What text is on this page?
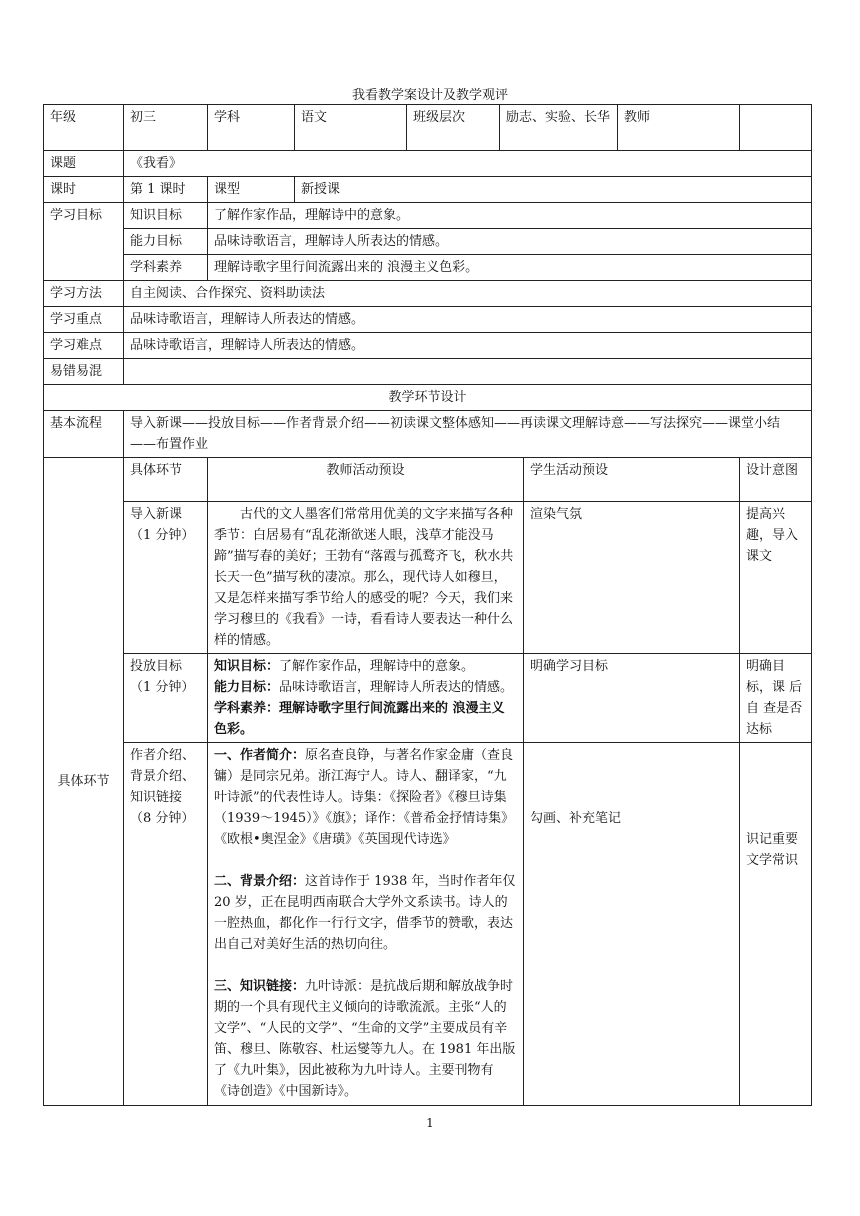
我看教学案设计及教学观评
年级	初三	学科	语文	班级层次	励志、实验、长华		教师	
课题	《我看》							
课时	第 1 课时	课型	新授课					
学习目标	知识目标	了解作家作品，理解诗中的意象。						
	能力目标	品味诗歌语言，理解诗人所表达的情感。						
	学科素养	理解诗歌字里行间流露出来的 浪漫主义色彩。						
学习方法	自主阅读、合作探究、资料助读法							
学习重点	品味诗歌语言，理解诗人所表达的情感。							
学习难点	品味诗歌语言，理解诗人所表达的情感。							
易错易混								
教学环节设计								
基本流程	导入新课——投放目标——作者背景介绍——初读课文整体感知——再读课文理解诗意——写法探究——课堂小结——布置作业							
具体环节	具体环节	教师活动预设				学生活动预设		设计意图
	导入新课（1 分钟）	古代的文人墨客们常常用优美的文字来描写各种季节：白居易有“乱花渐欲迷人眼，浅草才能没马蹄”描写春的美好；王勃有“落霞与孤鹜齐飞，秋水共长天一色”描写秋的凄凉。那么，现代诗人如穆旦，又是怎样来描写季节给人的感受的呢？今天，我们来学习穆旦的《我看》一诗，看看诗人要表达一种什么样的情感。				渲染气氛		提高兴趣，导入课文
	投放目标（1 分钟）	知识目标：了解作家作品，理解诗中的意象。
能力目标：品味诗歌语言，理解诗人所表达的情感。
学科素养：理解诗歌字里行间流露出来的 浪漫主义色彩。				明确学习目标		明确目标，课 后 自 查是否达标
	作者介绍、背景介绍、知识链接（8 分钟）	一、作者简介：原名查良铮，与著名作家金庸（查良镛）是同宗兄弟。浙江海宁人。诗人、翻译家，“九叶诗派”的代表性诗人。诗集：《探险者》《穆旦诗集（1939～1945）》《旗》；译作：《普希金抒情诗集》《欧根•奥涅金》《唐璜》《英国现代诗选》
二、背景介绍：这首诗作于 1938 年，当时作者年仅 20 岁，正在昆明西南联合大学外文系读书。诗人的一腔热血，都化作一行行文字，借季节的赞歌，表达出自己对美好生活的热切向往。
三、知识链接：九叶诗派：是抗战后期和解放战争时期的一个具有现代主义倾向的诗歌流派。主张“人的文学”、“人民的文学”、“生命的文学”主要成员有辛笛、穆旦、陈敬容、杜运燮等九人。在 1981 年出版了《九叶集》，因此被称为九叶诗人。主要刊物有《诗创造》《中国新诗》。				勾画、补充笔记		识记重要文学常识
1
